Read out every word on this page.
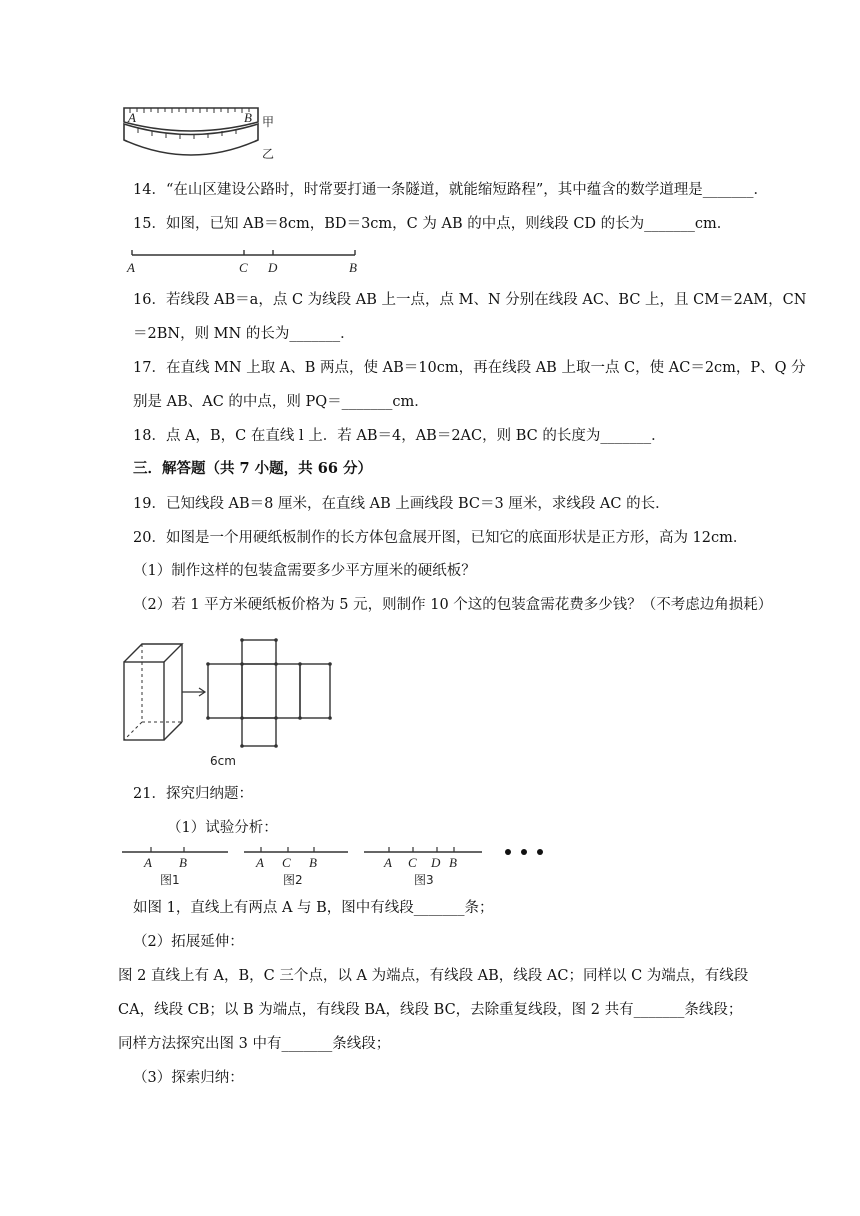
A	B 甲
乙
14．“在山区建设公路时，时常要打通一条隧道，就能缩短路程”，其中蕴含的数学道理是_______．
15．如图，已知 AB＝8cm，BD＝3cm，C 为 AB 的中点，则线段 CD 的长为_______cm．
A	C D	B
16．若线段 AB＝a，点 C 为线段 AB 上一点，点 M、N 分别在线段 AC、BC 上，且 CM＝2AM，CN
＝2BN，则 MN 的长为_______．
17．在直线 MN 上取 A、B 两点，使 AB＝10cm，再在线段 AB 上取一点 C，使 AC＝2cm，P、Q 分
别是 AB、AC 的中点，则 PQ＝_______cm．
18．点 A，B，C 在直线 l 上．若 AB＝4，AB＝2AC，则 BC 的长度为_______．
三．解答题（共 7 小题，共 66 分）
19．已知线段 AB＝8 厘米，在直线 AB 上画线段 BC＝3 厘米，求线段 AC 的长．
20．如图是一个用硬纸板制作的长方体包盒展开图，已知它的底面形状是正方形，高为 12cm．
（1）制作这样的包装盒需要多少平方厘米的硬纸板？
（2）若 1 平方米硬纸板价格为 5 元，则制作 10 个这的包装盒需花费多少钱？（不考虑边角损耗）
6cm
21．探究归纳题：
（1）试验分析：
A B
图1
A C B
图2
A C D B
图3
如图 1，直线上有两点 A 与 B，图中有线段_______条；
（2）拓展延伸：
图 2 直线上有 A，B，C 三个点，以 A 为端点，有线段 AB，线段 AC；同样以 C 为端点，有线段
CA，线段 CB；以 B 为端点，有线段 BA，线段 BC，去除重复线段，图 2 共有_______条线段；
同样方法探究出图 3 中有_______条线段；
（3）探索归纳：
